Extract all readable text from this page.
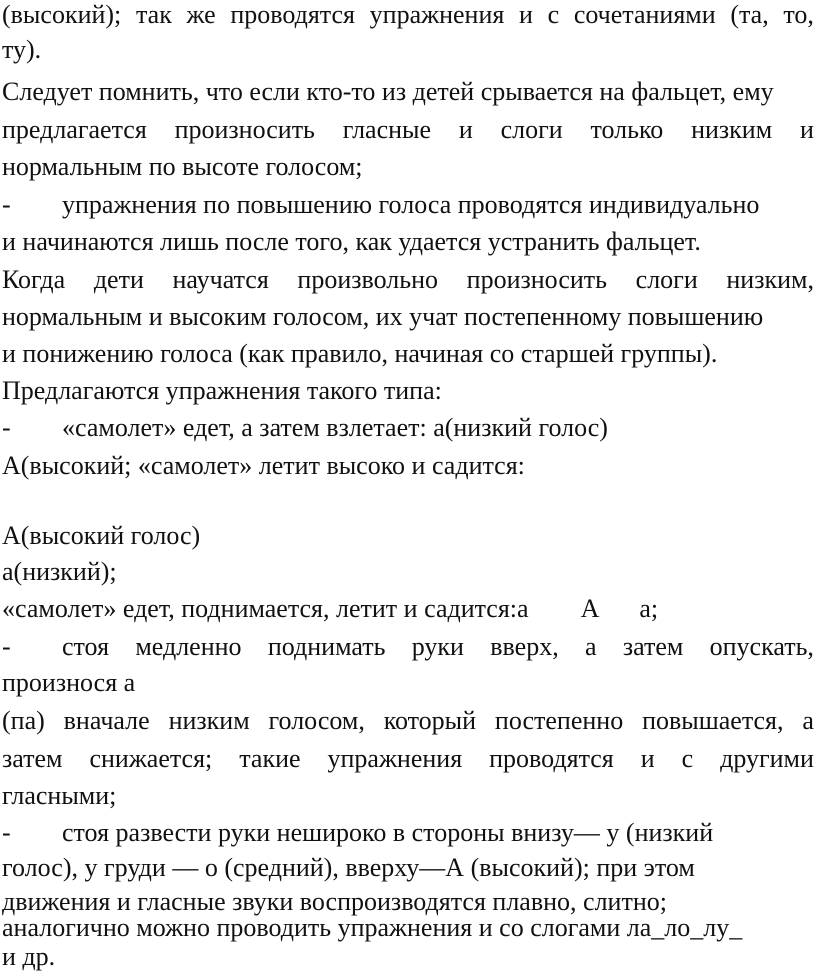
(высокий); так же проводятся упражнения и с сочетаниями (та, то,
ту).
Следует помнить, что если кто-то из детей срывается на фальцет, ему
предлагается произносить гласные и слоги только низким и
нормальным по высоте голосом;
-	упражнения по повышению голоса проводятся индивидуально
и начинаются лишь после того, как удается устранить фальцет.
Когда дети научатся произвольно произносить слоги низким,
нормальным и высоким голосом, их учат постепенному повышению
и понижению голоса (как правило, начиная со старшей группы).
Предлагаются упражнения такого типа:
-	«самолет» едет, а затем взлетает: а(низкий голос)
А(высокий; «самолет» летит высоко и садится:
А(высокий голос)
а(низкий);
«самолет» едет, поднимается, летит и садится:а А а;
-	стоя медленно поднимать руки вверх, а затем опускать,
произнося а
(па) вначале низким голосом, который постепенно повышается, а
затем снижается; такие упражнения проводятся и с другими
гласными;
-	стоя развести руки нешироко в стороны внизу— у (низкий
голос), у груди — о (средний), вверху—А (высокий); при этом
движения и гласные звуки воспроизводятся плавно, слитно;
аналогично можно проводить упражнения и со слогами ла_ло_лу_
и др.
